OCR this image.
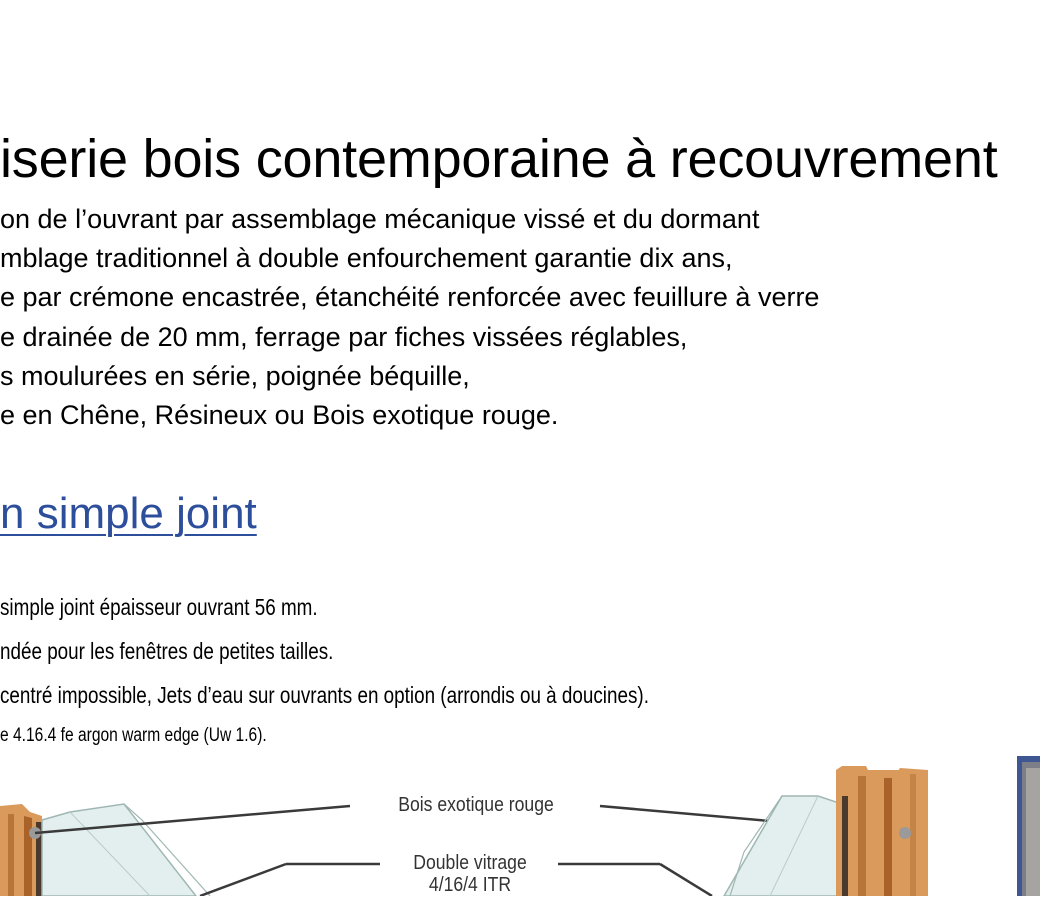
iserie bois contemporaine à recouvrement
on de l’ouvrant par assemblage mécanique vissé et du dormant
mblage traditionnel à double enfourchement garantie dix ans,
e par crémone encastrée, étanchéité renforcée avec feuillure à verre
e drainée de 20 mm, ferrage par fiches vissées réglables,
s moulurées en série, poignée béquille,
e en Chêne, Résineux ou Bois exotique rouge.
n simple joint
simple joint épaisseur ouvrant 56 mm.
ndée pour les fenêtres de petites tailles.
centré impossible, Jets d’eau sur ouvrants en option (arrondis ou à doucines).
e 4.16.4 fe argon warm edge (Uw 1.6).
Bois exotique rouge
Double vitrage
4/16/4 ITR
